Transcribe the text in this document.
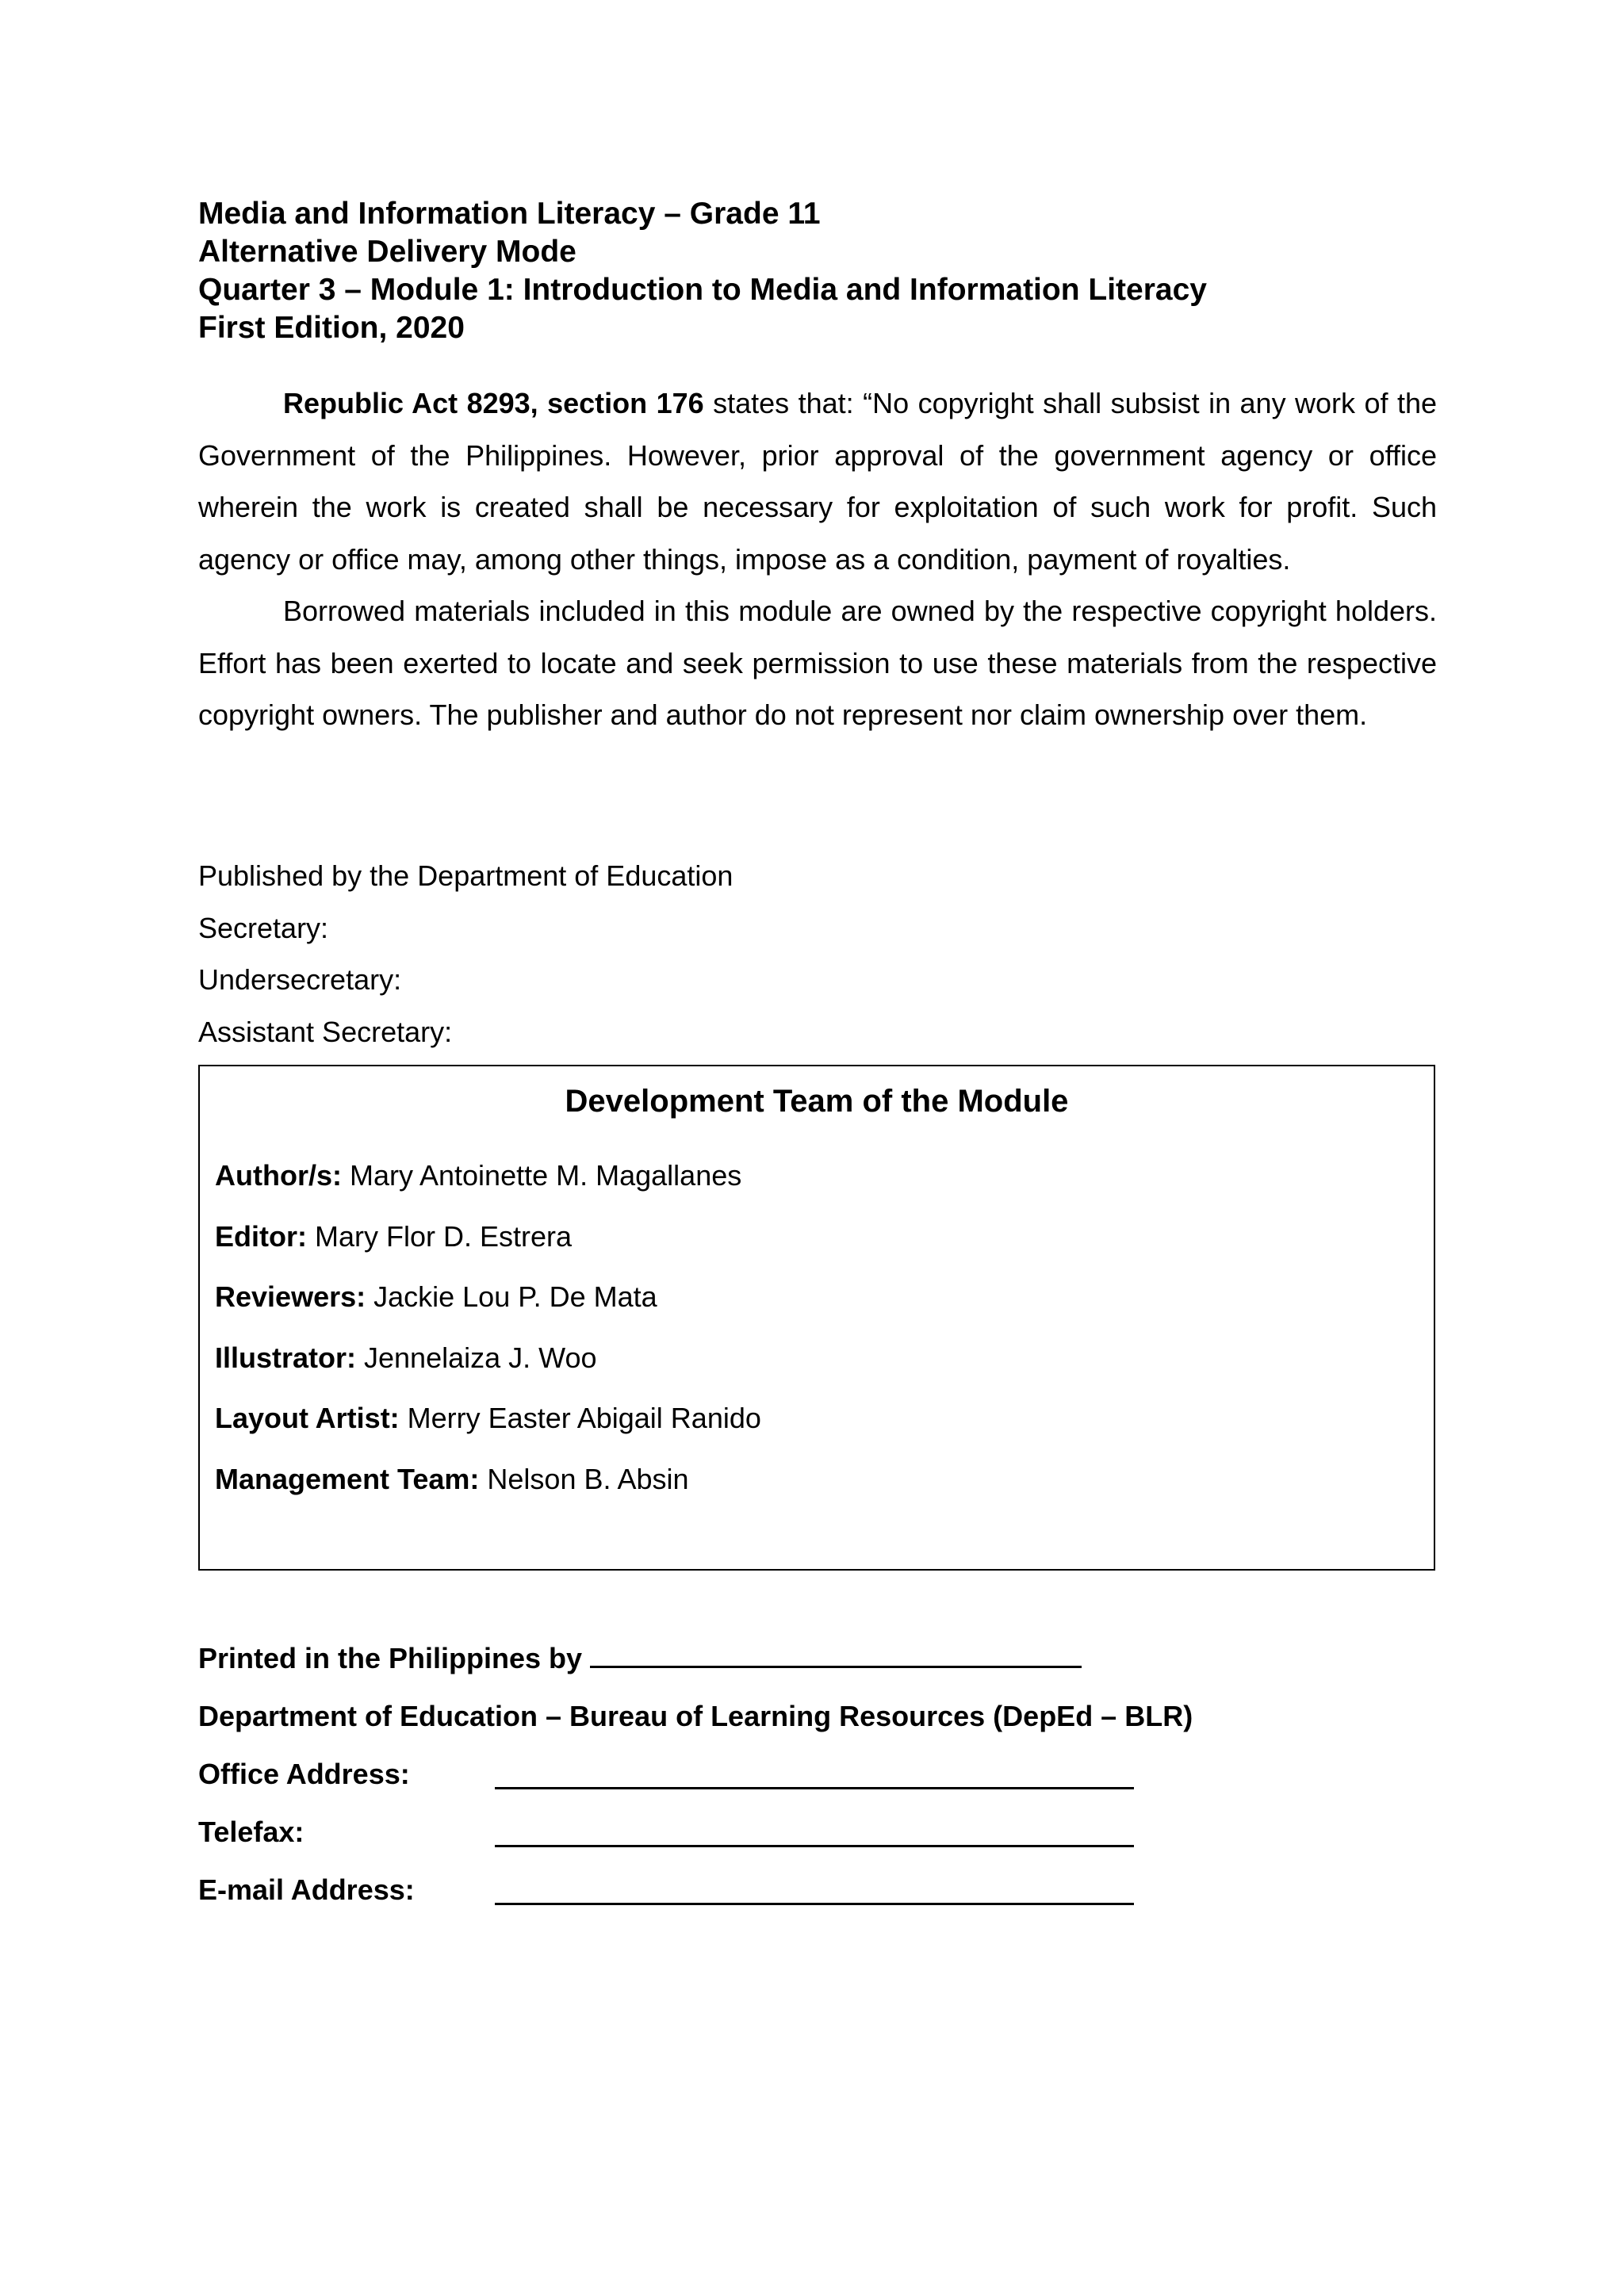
Media and Information Literacy – Grade 11
Alternative Delivery Mode
Quarter 3 – Module 1: Introduction to Media and Information Literacy
First Edition, 2020

Republic Act 8293, section 176 states that: “No copyright shall subsist in any work of the Government of the Philippines. However, prior approval of the government agency or office wherein the work is created shall be necessary for exploitation of such work for profit. Such agency or office may, among other things, impose as a condition, payment of royalties.

Borrowed materials included in this module are owned by the respective copyright holders. Effort has been exerted to locate and seek permission to use these materials from the respective copyright owners. The publisher and author do not represent nor claim ownership over them.

Published by the Department of Education
Secretary:
Undersecretary:
Assistant Secretary:
Development Team of the Module
Author/s: Mary Antoinette M. Magallanes
Editor: Mary Flor D. Estrera
Reviewers: Jackie Lou P. De Mata
Illustrator: Jennelaiza J. Woo
Layout Artist: Merry Easter Abigail Ranido
Management Team: Nelson B. Absin
Printed in the Philippines by
Department of Education – Bureau of Learning Resources (DepEd – BLR)
Office Address:
Telefax:
E-mail Address:
